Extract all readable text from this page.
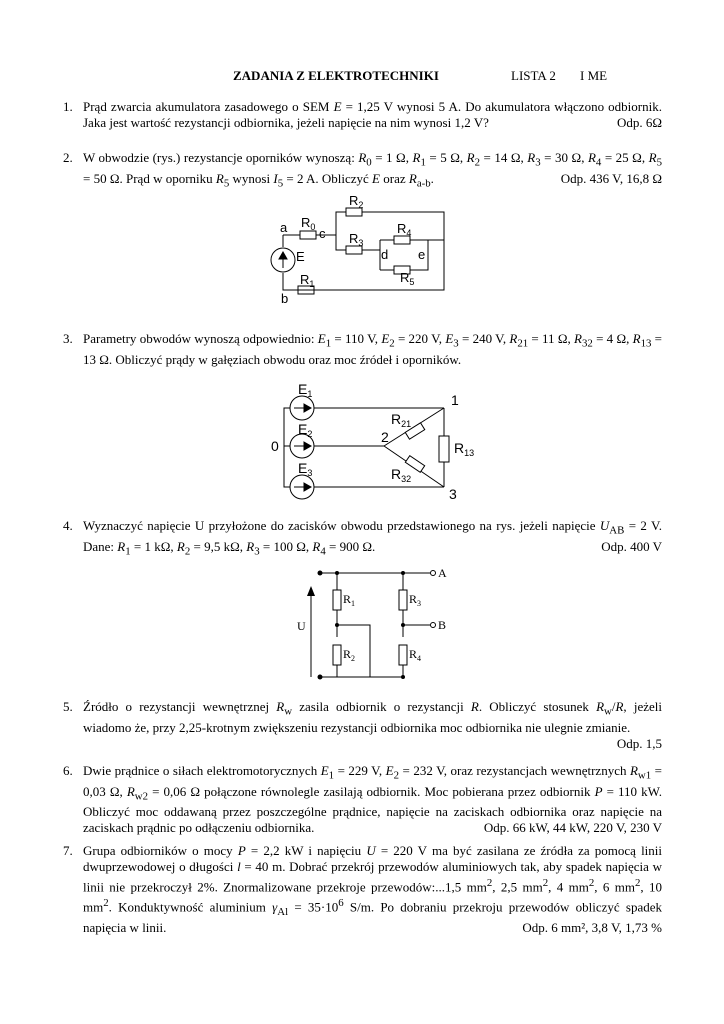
ZADANIA Z ELEKTROTECHNIKI	LISTA 2 I ME
1. Prąd zwarcia akumulatora zasadowego o SEM E = 1,25 V wynosi 5 A. Do akumulatora włączono odbiornik. Jaka jest wartość rezystancji odbiornika, jeżeli napięcie na nim wynosi 1,2 V?	Odp. 6Ω
2. W obwodzie (rys.) rezystancje oporników wynoszą: $R_0 = 1$ Ω, $R_1 = 5$ Ω, $R_2 = 14$ Ω, $R_3 = 30$ Ω, $R_4 = 25$ Ω, $R_5 = 50$ Ω. Prąd w oporniku $R_5$ wynosi $I_5 = 2$ A. Obliczyć E oraz $R_{a-b}$.	Odp. 436 V, 16,8 Ω
a
b
c
d e
E
$R_0$
$R_2$
$R_3$
$R_4$
$R_5$
$R_1$
3. Parametry obwodów wynoszą odpowiednio: $E_1 = 110$ V, $E_2 = 220$ V, $E_3 = 240$ V, $R_{21} = 11$ Ω, $R_{32} = 4$ Ω, $R_{13} = 13$ Ω. Obliczyć prądy w gałęziach obwodu oraz moc źródeł i oporników.
$E_1$
$E_2$
$E_3$
0
1
2
3
$R_{21}$
$R_{13}$
$R_{32}$
4. Wyznaczyć napięcie U przyłożone do zacisków obwodu przedstawionego na rys. jeżeli napięcie $U_{AB} = 2$ V. Dane: $R_1 = 1$ kΩ, $R_2 = 9,5$ kΩ, $R_3 = 100$ Ω, $R_4 = 900$ Ω.	Odp. 400 V
A
B
U
$R_1$
$R_2$
$R_3$
$R_4$
5. Źródło o rezystancji wewnętrznej $R_w$ zasila odbiornik o rezystancji R. Obliczyć stosunek $R_w/R$, jeżeli wiadomo że, przy 2,25-krotnym zwiększeniu rezystancji odbiornika moc odbiornika nie ulegnie zmianie.
Odp. 1,5
6. Dwie prądnice o siłach elektromotorycznych $E_1 = 229$ V, $E_2 = 232$ V, oraz rezystancjach wewnętrznych $R_{w1} = 0,03$ Ω, $R_{w2} = 0,06$ Ω połączone równolegle zasilają odbiornik. Moc pobierana przez odbiornik P = 110 kW. Obliczyć moc oddawaną przez poszczególne prądnice, napięcie na zaciskach odbiornika oraz napięcie na zaciskach prądnic po odłączeniu odbiornika.	Odp. 66 kW, 44 kW, 220 V, 230 V
7. Grupa odbiorników o mocy P = 2,2 kW i napięciu U = 220 V ma być zasilana ze źródła za pomocą linii dwuprzewodowej o długości l = 40 m. Dobrać przekrój przewodów aluminiowych tak, aby spadek napięcia w linii nie przekroczył 2%. Znormalizowane przekroje przewodów:...1,5 $mm^2$, 2,5 $mm^2$, 4 $mm^2$, 6 $mm^2$, 10 $mm^2$. Konduktywność aluminium $\gamma_{Al} = 35\cdot 10^6$ S/m. Po dobraniu przekroju przewodów obliczyć spadek napięcia w linii.	Odp. 6 mm², 3,8 V, 1,73 %
